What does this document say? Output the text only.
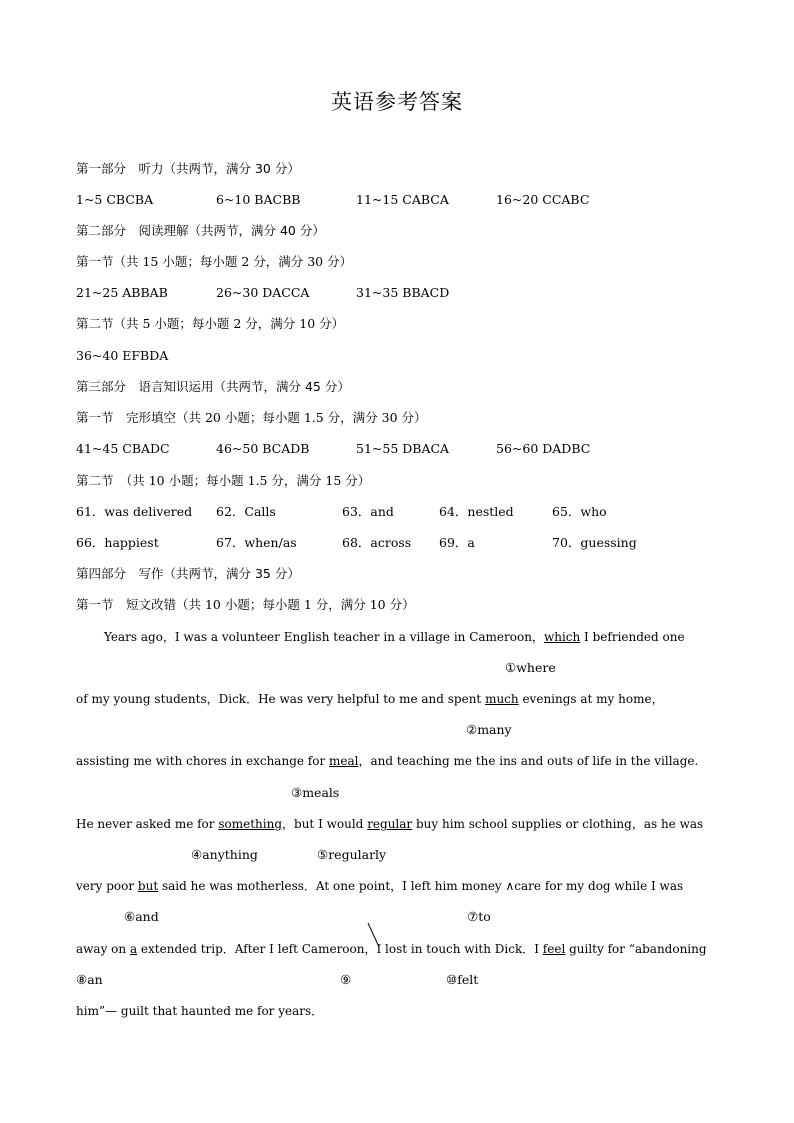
英语参考答案
第一部分　听力（共两节，满分 30 分）
1~5 CBCBA	6~10 BACBB	11~15 CABCA	16~20 CCABC
第二部分　阅读理解（共两节，满分 40 分）
第一节（共 15 小题；每小题 2 分，满分 30 分）
21~25 ABBAB	26~30 DACCA	31~35 BBACD
第二节（共 5 小题；每小题 2 分，满分 10 分）
36~40 EFBDA
第三部分　语言知识运用（共两节，满分 45 分）
第一节　完形填空（共 20 小题；每小题 1.5 分，满分 30 分）
41~45 CBADC	46~50 BCADB	51~55 DBACA	56~60 DADBC
第二节　（共 10 小题；每小题 1.5 分，满分 15 分）
61．was delivered 62．Calls	63．and	64．nestled	65．who
66．happiest	67．when/as	68．across 69．a	70．guessing
第四部分　写作（共两节，满分 35 分）
第一节　短文改错（共 10 小题；每小题 1 分，满分 10 分）
Years ago，I was a volunteer English teacher in a village in Cameroon，which I befriended one
①where
of my young students，Dick．He was very helpful to me and spent much evenings at my home，
②many
assisting me with chores in exchange for meal，and teaching me the ins and outs of life in the village.
③meals
He never asked me for something，but I would regular buy him school supplies or clothing，as he was
④anything	⑤regularly
very poor but said he was motherless．At one point，I left him money ∧care for my dog while I was
⑥and	⑦to
away on a extended trip．After I left Cameroon，I lost in touch with Dick．I feel guilty for “abandoning
⑧an	⑨	⑩felt
him”— guilt that haunted me for years．
